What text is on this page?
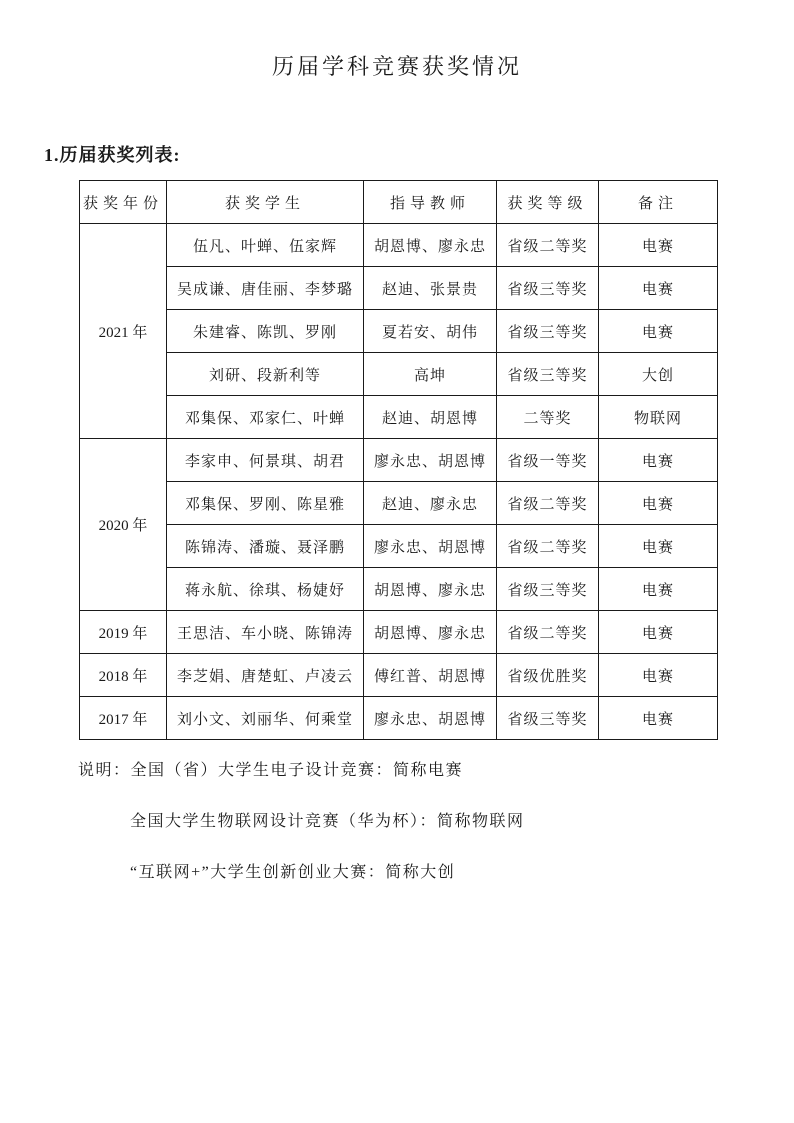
历届学科竞赛获奖情况
1.历届获奖列表:
获奖年份	获奖学生	指导教师	获奖等级	备注
2021 年	伍凡、叶蝉、伍家辉	胡恩博、廖永忠	省级二等奖	电赛
	吴成谦、唐佳丽、李梦璐	赵迪、张景贵	省级三等奖	电赛
	朱建睿、陈凯、罗刚	夏若安、胡伟	省级三等奖	电赛
	刘研、段新利等	高坤	省级三等奖	大创
	邓集保、邓家仁、叶蝉	赵迪、胡恩博	二等奖	物联网
2020 年	李家申、何景琪、胡君	廖永忠、胡恩博	省级一等奖	电赛
	邓集保、罗刚、陈星雅	赵迪、廖永忠	省级二等奖	电赛
	陈锦涛、潘璇、聂泽鹏	廖永忠、胡恩博	省级二等奖	电赛
	蒋永航、徐琪、杨婕妤	胡恩博、廖永忠	省级三等奖	电赛
2019 年	王思洁、车小晓、陈锦涛	胡恩博、廖永忠	省级二等奖	电赛
2018 年	李芝娟、唐楚虹、卢凌云	傅红普、胡恩博	省级优胜奖	电赛
2017 年	刘小文、刘丽华、何乘堂	廖永忠、胡恩博	省级三等奖	电赛

说明：全国（省）大学生电子设计竞赛：简称电赛

全国大学生物联网设计竞赛（华为杯）：简称物联网

“互联网+”大学生创新创业大赛：简称大创
